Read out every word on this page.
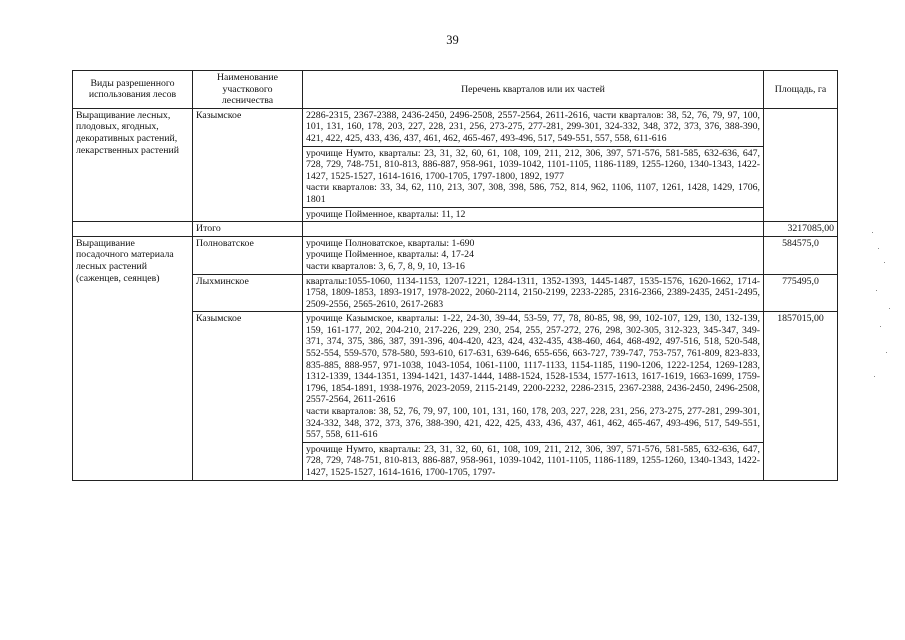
39
Виды разрешенного использования лесов	Наименование участкового лесничества	Перечень кварталов или их частей	Площадь, га
Выращивание лесных, плодовых, ягодных, декоративных растений, лекарственных растений	Казымское	2286-2315, 2367-2388, 2436-2450, 2496-2508, 2557-2564, 2611-2616, части кварталов: 38, 52, 76, 79, 97, 100, 101, 131, 160, 178, 203, 227, 228, 231, 256, 273-275, 277-281, 299-301, 324-332, 348, 372, 373, 376, 388-390, 421, 422, 425, 433, 436, 437, 461, 462, 465-467, 493-496, 517, 549-551, 557, 558, 611-616	

		урочище Нумто, кварталы: 23, 31, 32, 60, 61, 108, 109, 211, 212, 306, 397, 571-576, 581-585, 632-636, 647, 728, 729, 748-751, 810-813, 886-887, 958-961, 1039-1042, 1101-1105, 1186-1189, 1255-1260, 1340-1343, 1422-1427, 1525-1527, 1614-1616, 1700-1705, 1797-1800, 1892, 1977
части кварталов: 33, 34, 62, 110, 213, 307, 308, 398, 586, 752, 814, 962, 1106, 1107, 1261, 1428, 1429, 1706, 1801	

		урочище Пойменное, кварталы: 11, 12	
	Итого		3217085,00
Выращивание посадочного материала лесных растений (саженцев, сеянцев)	Полноватское	урочище Полноватское, кварталы: 1-690
урочище Пойменное, кварталы: 4, 17-24
части кварталов: 3, 6, 7, 8, 9, 10, 13-16	584575,0
	Лыхминское	кварталы:1055-1060, 1134-1153, 1207-1221, 1284-1311, 1352-1393, 1445-1487, 1535-1576, 1620-1662, 1714-1758, 1809-1853, 1893-1917, 1978-2022, 2060-2114, 2150-2199, 2233-2285, 2316-2366, 2389-2435, 2451-2495, 2509-2556, 2565-2610, 2617-2683	775495,0
	Казымское	урочище Казымское, кварталы: 1-22, 24-30, 39-44, 53-59, 77, 78, 80-85, 98, 99, 102-107, 129, 130, 132-139, 159, 161-177, 202, 204-210, 217-226, 229, 230, 254, 255, 257-272, 276, 298, 302-305, 312-323, 345-347, 349-371, 374, 375, 386, 387, 391-396, 404-420, 423, 424, 432-435, 438-460, 464, 468-492, 497-516, 518, 520-548, 552-554, 559-570, 578-580, 593-610, 617-631, 639-646, 655-656, 663-727, 739-747, 753-757, 761-809, 823-833, 835-885, 888-957, 971-1038, 1043-1054, 1061-1100, 1117-1133, 1154-1185, 1190-1206, 1222-1254, 1269-1283, 1312-1339, 1344-1351, 1394-1421, 1437-1444, 1488-1524, 1528-1534, 1577-1613, 1617-1619, 1663-1699, 1759-1796, 1854-1891, 1938-1976, 2023-2059, 2115-2149, 2200-2232, 2286-2315, 2367-2388, 2436-2450, 2496-2508, 2557-2564, 2611-2616
части кварталов: 38, 52, 76, 79, 97, 100, 101, 131, 160, 178, 203, 227, 228, 231, 256, 273-275, 277-281, 299-301, 324-332, 348, 372, 373, 376, 388-390, 421, 422, 425, 433, 436, 437, 461, 462, 465-467, 493-496, 517, 549-551, 557, 558, 611-616	1857015,00
		урочище Нумто, кварталы: 23, 31, 32, 60, 61, 108, 109, 211, 212, 306, 397, 571-576, 581-585, 632-636, 647, 728, 729, 748-751, 810-813, 886-887, 958-961, 1039-1042, 1101-1105, 1186-1189, 1255-1260, 1340-1343, 1422-1427, 1525-1527, 1614-1616, 1700-1705, 1797-	
